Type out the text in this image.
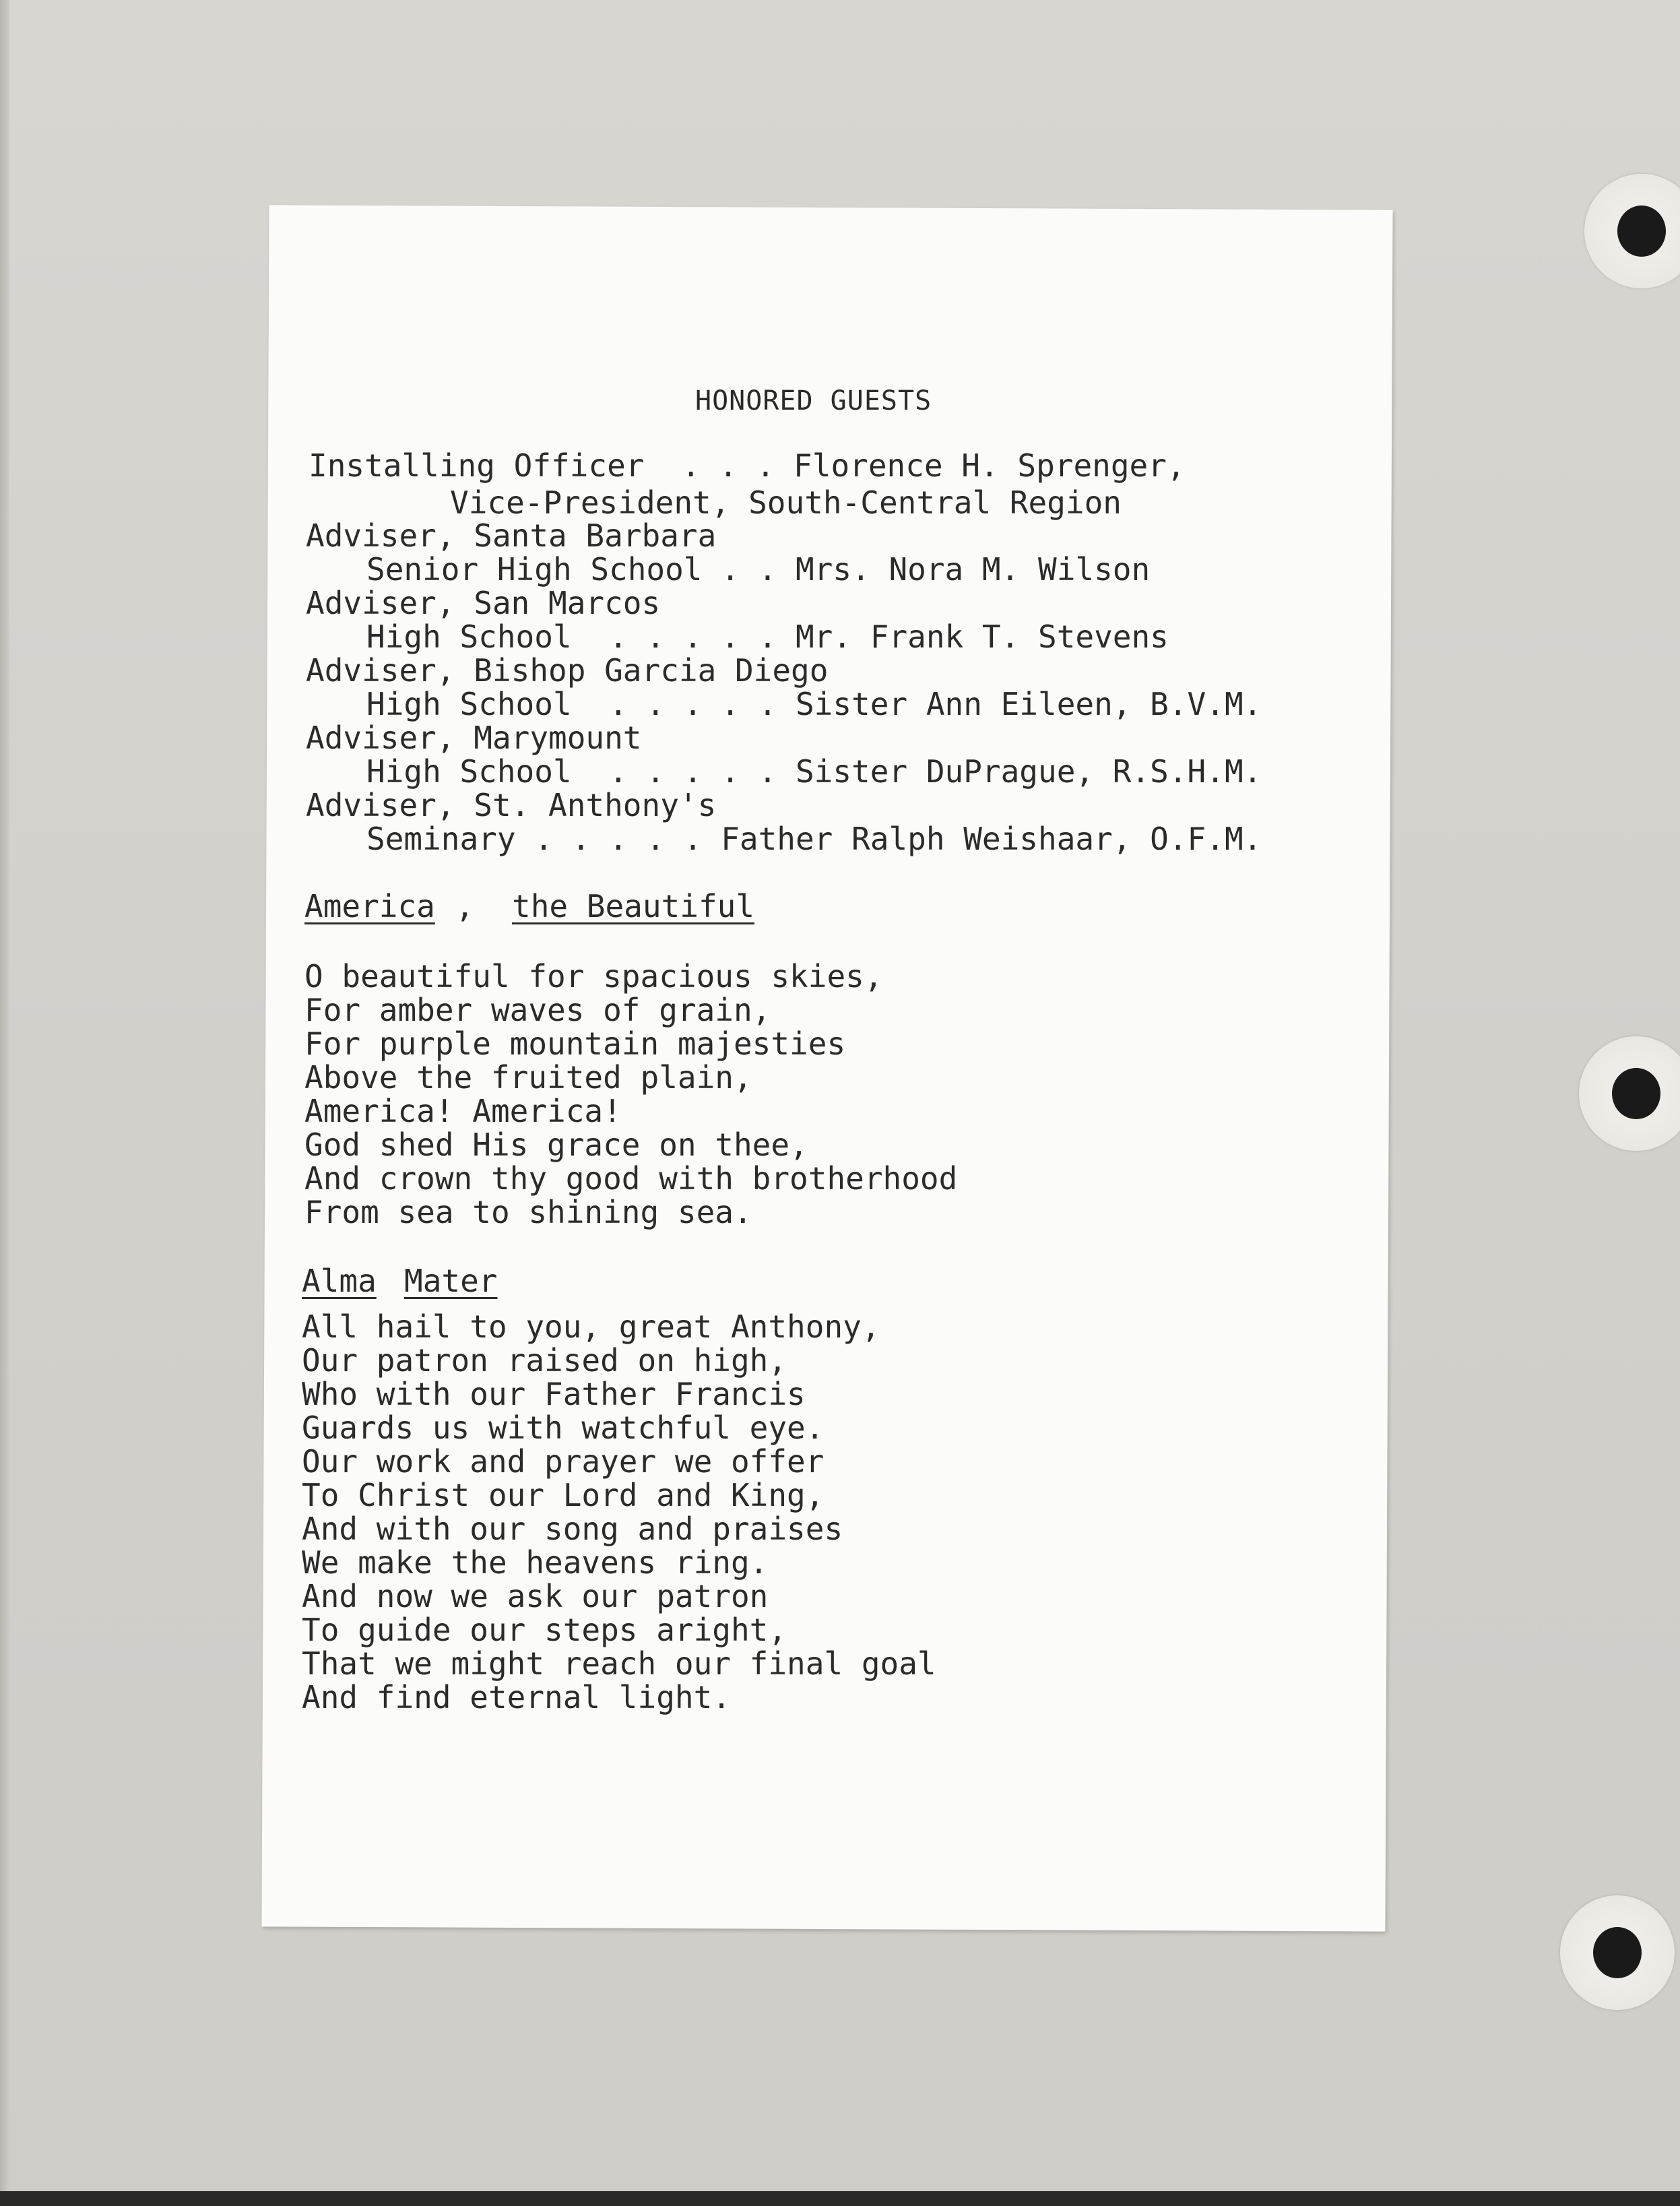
HONORED GUESTS
Installing Officer  . . . Florence H. Sprenger,
Vice-President, South-Central Region
Adviser, Santa Barbara
Senior High School . . Mrs. Nora M. Wilson
Adviser, San Marcos
High School  . . . . . Mr. Frank T. Stevens
Adviser, Bishop Garcia Diego
High School  . . . . . Sister Ann Eileen, B.V.M.
Adviser, Marymount
High School  . . . . . Sister DuPrague, R.S.H.M.
Adviser, St. Anthony's
Seminary . . . . . Father Ralph Weishaar, O.F.M.
America , the Beautiful
O beautiful for spacious skies,
For amber waves of grain,
For purple mountain majesties
Above the fruited plain,
America! America!
God shed His grace on thee,
And crown thy good with brotherhood
From sea to shining sea.
Alma Mater
All hail to you, great Anthony,
Our patron raised on high,
Who with our Father Francis
Guards us with watchful eye.
Our work and prayer we offer
To Christ our Lord and King,
And with our song and praises
We make the heavens ring.
And now we ask our patron
To guide our steps aright,
That we might reach our final goal
And find eternal light.
